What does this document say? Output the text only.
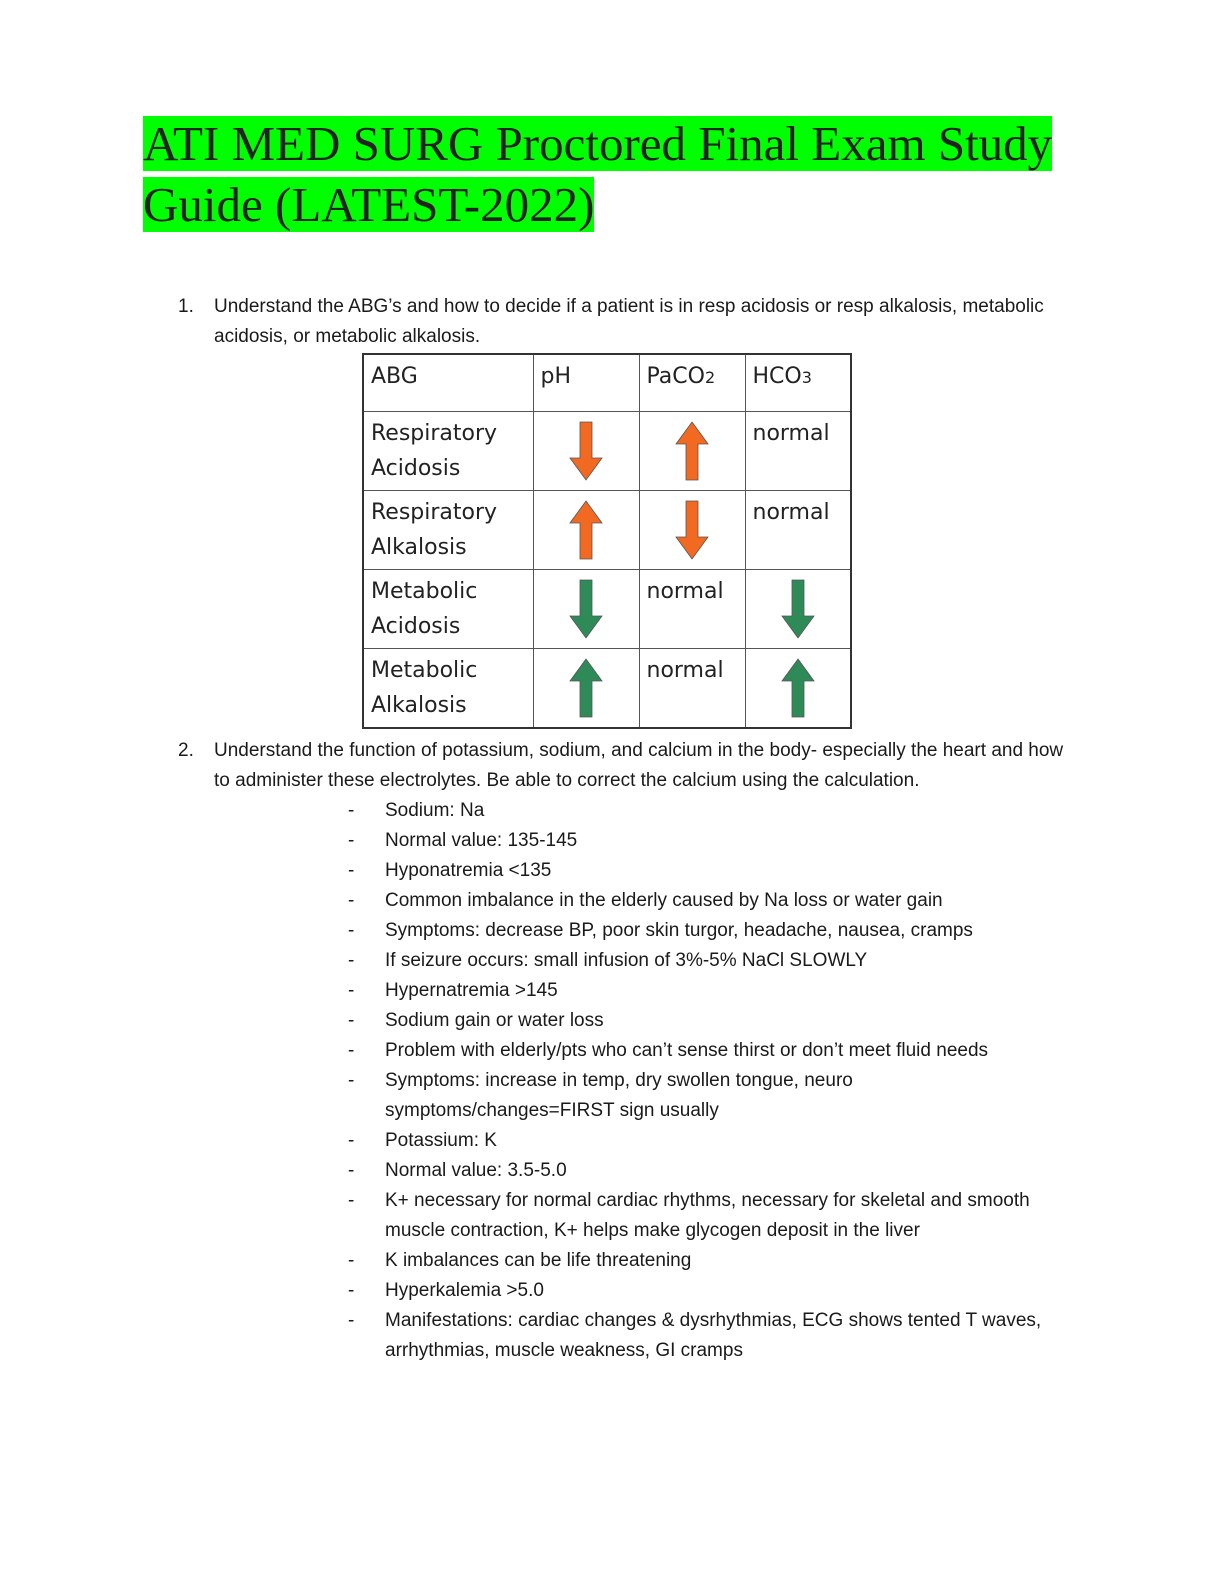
ATI MED SURG Proctored Final Exam Study
Guide (LATEST-2022)
1. Understand the ABG’s and how to decide if a patient is in resp acidosis or resp alkalosis, metabolic acidosis, or metabolic alkalosis.
ABG	pH	PaCO2	HCO3
Respiratory
Acidosis			normal
Respiratory
Alkalosis			normal
Metabolic
Acidosis		normal	

Metabolic
Alkalosis		normal	
2. Understand the function of potassium, sodium, and calcium in the body- especially the heart and how to administer these electrolytes. Be able to correct the calcium using the calculation.
- Sodium: Na
- Normal value: 135-145
- Hyponatremia <135
- Common imbalance in the elderly caused by Na loss or water gain
- Symptoms: decrease BP, poor skin turgor, headache, nausea, cramps
- If seizure occurs: small infusion of 3%-5% NaCl SLOWLY
- Hypernatremia >145
- Sodium gain or water loss
- Problem with elderly/pts who can’t sense thirst or don’t meet fluid needs
- Symptoms: increase in temp, dry swollen tongue, neuro symptoms/changes=FIRST sign usually
- Potassium: K
- Normal value: 3.5-5.0
- K+ necessary for normal cardiac rhythms, necessary for skeletal and smooth muscle contraction, K+ helps make glycogen deposit in the liver
- K imbalances can be life threatening
- Hyperkalemia >5.0
- Manifestations: cardiac changes & dysrhythmias, ECG shows tented T waves, arrhythmias, muscle weakness, GI cramps
